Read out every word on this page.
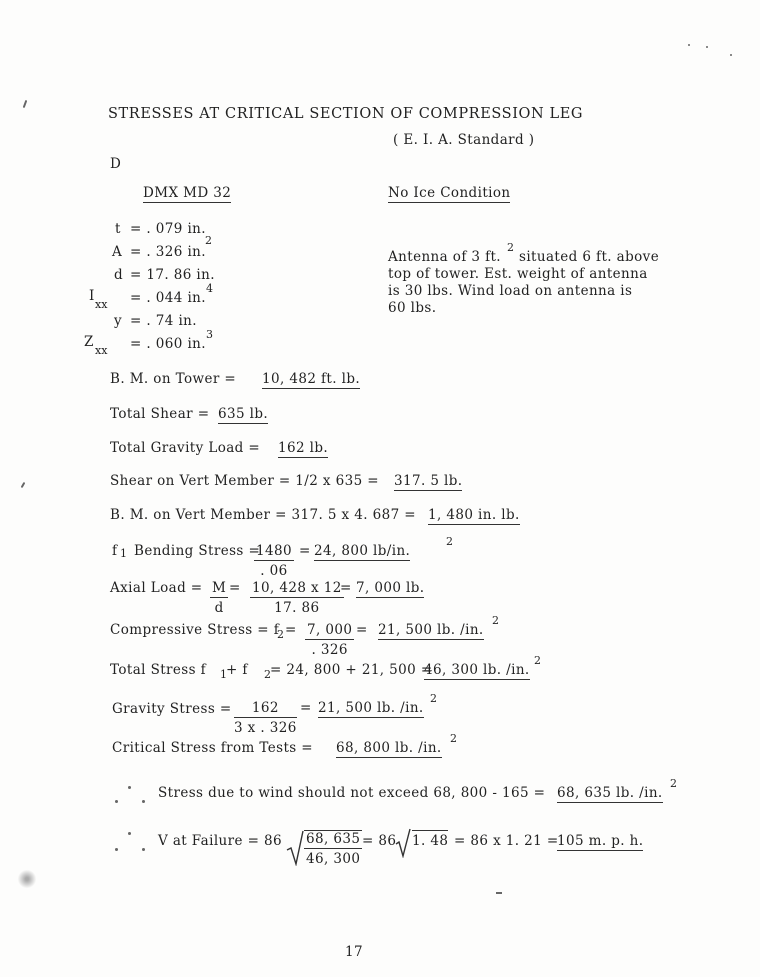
STRESSES AT CRITICAL SECTION OF COMPRESSION LEG
( E. I. A. Standard )
D
DMX MD 32	No Ice Condition
t = . 079 in.
A = . 326 in.
2
d = 17. 86 in.
I
xx = . 044 in.
4
y = . 74 in.
Z
xx = . 060 in.
3
Antenna of 3 ft.
2
situated 6 ft. above
top of tower. Est. weight of antenna
is 30 lbs. Wind load on antenna is
60 lbs.
B. M. on Tower = 10, 482 ft. lb.
Total Shear = 635 lb.
Total Gravity Load = 162 lb.
Shear on Vert Member = 1/2 x 635 = 317. 5 lb.
B. M. on Vert Member = 317. 5 x 4. 687 = 1, 480 in. lb.
f 1 Bending Stress =
$\frac{1480}{. 06} = 24$, 800 lb/in.
2
Axial Load = $\frac{M}{d} = \frac{10, 428 x 12}{17. 86}$
= 7, 000 lb.
Compressive Stress = f
$2 = \frac{7, 000}{. 326} = 21$, 500 lb. /in.
2
Total Stress f 1 + f 2 = 24, 800 + 21, 500 =
46, 300 lb. /in.
2
Gravity Stress = $\frac{162}{3 x . 326} = 21$, 500 lb. /in.
2
Critical Stress from Tests = 68, 800 lb. /in.
2
Stress due to wind should not exceed 68, 800 - 165 = 68, 635 lb. /in.
2
V at Failure = $86 \frac{68, 635}{46, 300} = 86$ 1. 48 = 86 x 1. 21 =
105 m. p. h.
17
